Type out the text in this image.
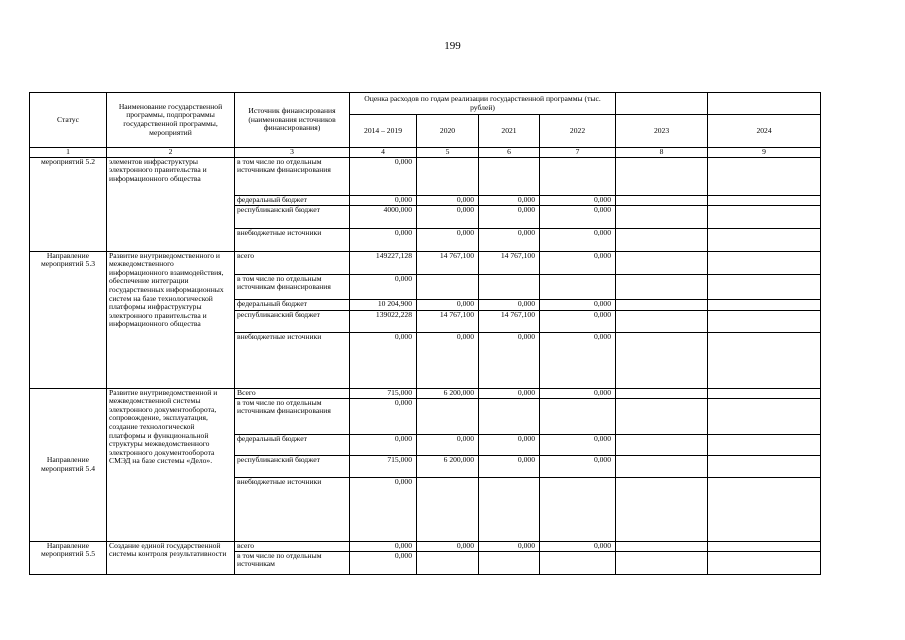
199
Статус	Наименование государственной программы, подпрограммы государственной программы, мероприятий	Источник финансирования (наименования источников финансирования)	Оценка расходов по годам реализации государственной программы (тыс. рублей)					
			2014 – 2019	2020	2021	2022	2023	2024
1	2	3	4	5	6	7	8	9
мероприятий 5.2	элементов инфраструктуры электронного правительства и информационного общества	в том числе по отдельным источникам финансирования	0,000					
		федеральный бюджет	0,000	0,000	0,000	0,000		
		республиканский бюджет	4000,000	0,000	0,000	0,000		
		внебюджетные источники	0,000	0,000	0,000	0,000		
Направление мероприятий 5.3	Развитие внутриведомственного и межведомственного информационного взаимодействия, обеспечение интеграции государственных информационных систем на базе технологической платформы инфраструктуры электронного правительства и информационного общества	всего	149227,128	14 767,100	14 767,100	0,000		
		в том числе по отдельным источникам финансирования	0,000					
		федеральный бюджет	10 204,900	0,000	0,000	0,000		
		республиканский бюджет	139022,228	14 767,100	14 767,100	0,000		
		внебюджетные источники	0,000	0,000	0,000	0,000		
Направление мероприятий 5.4	Развитие внутриведомственной и межведомственной системы электронного документооборота, сопровождение, эксплуатация, создание технологической платформы и функциональной структуры межведомственного электронного документооборота СМЭД на базе системы «Дело».	Всего	715,000	6 200,000	0,000	0,000		
		в том числе по отдельным источникам финансирования	0,000					
		федеральный бюджет	0,000	0,000	0,000	0,000		
		республиканский бюджет	715,000	6 200,000	0,000	0,000		
		внебюджетные источники	0,000					
Направление мероприятий 5.5	Создание единой государственной системы контроля результативности	всего	0,000	0,000	0,000	0,000		
		в том числе по отдельным источникам	0,000					
